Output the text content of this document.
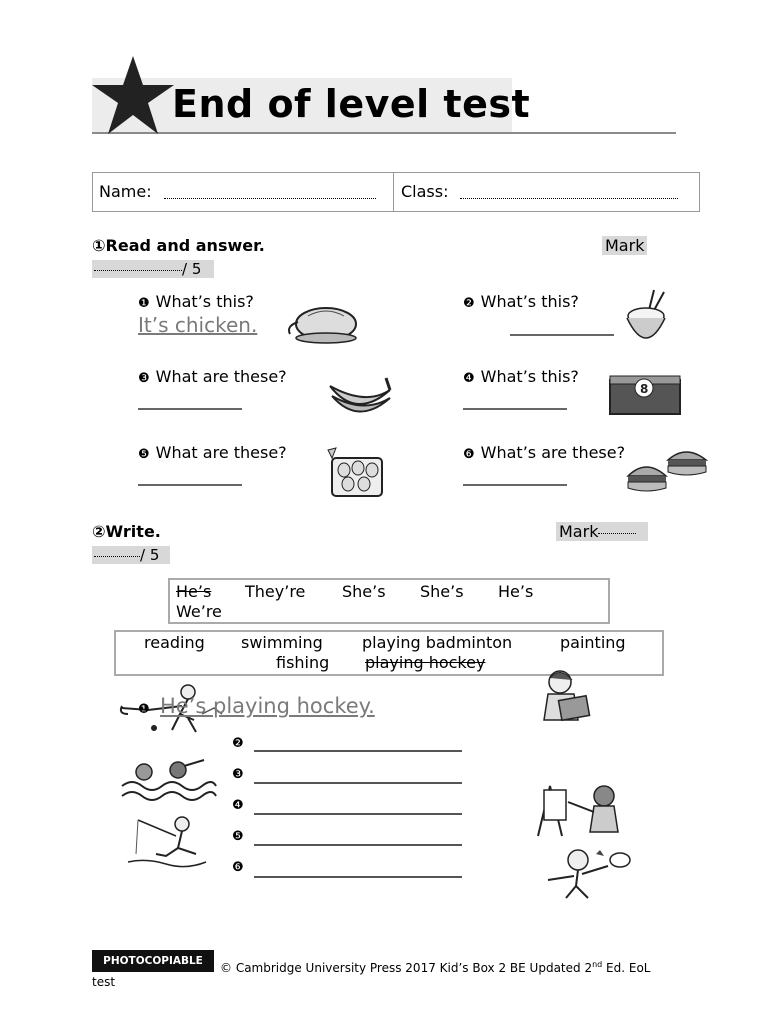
End of level test
Name:	Class:
①Read and answer.	Mark
/ 5
❶ What’s this?
It’s chicken.
❷ What’s this?
❸ What are these?	❹ What’s this?
8
❺ What are these?	❻ What’s are these?
②Write.	Mark
/ 5
He’s They’re She’s She’s He’s
We’re
reading swimming playing badminton	painting
fishing playing hockey
❶ He’s playing hockey.
❷
❸
❹
❺
❻
PHOTOCOPIABLE	© Cambridge University Press 2017 Kid’s Box 2 BE Updated 2nd Ed. EoL
test
